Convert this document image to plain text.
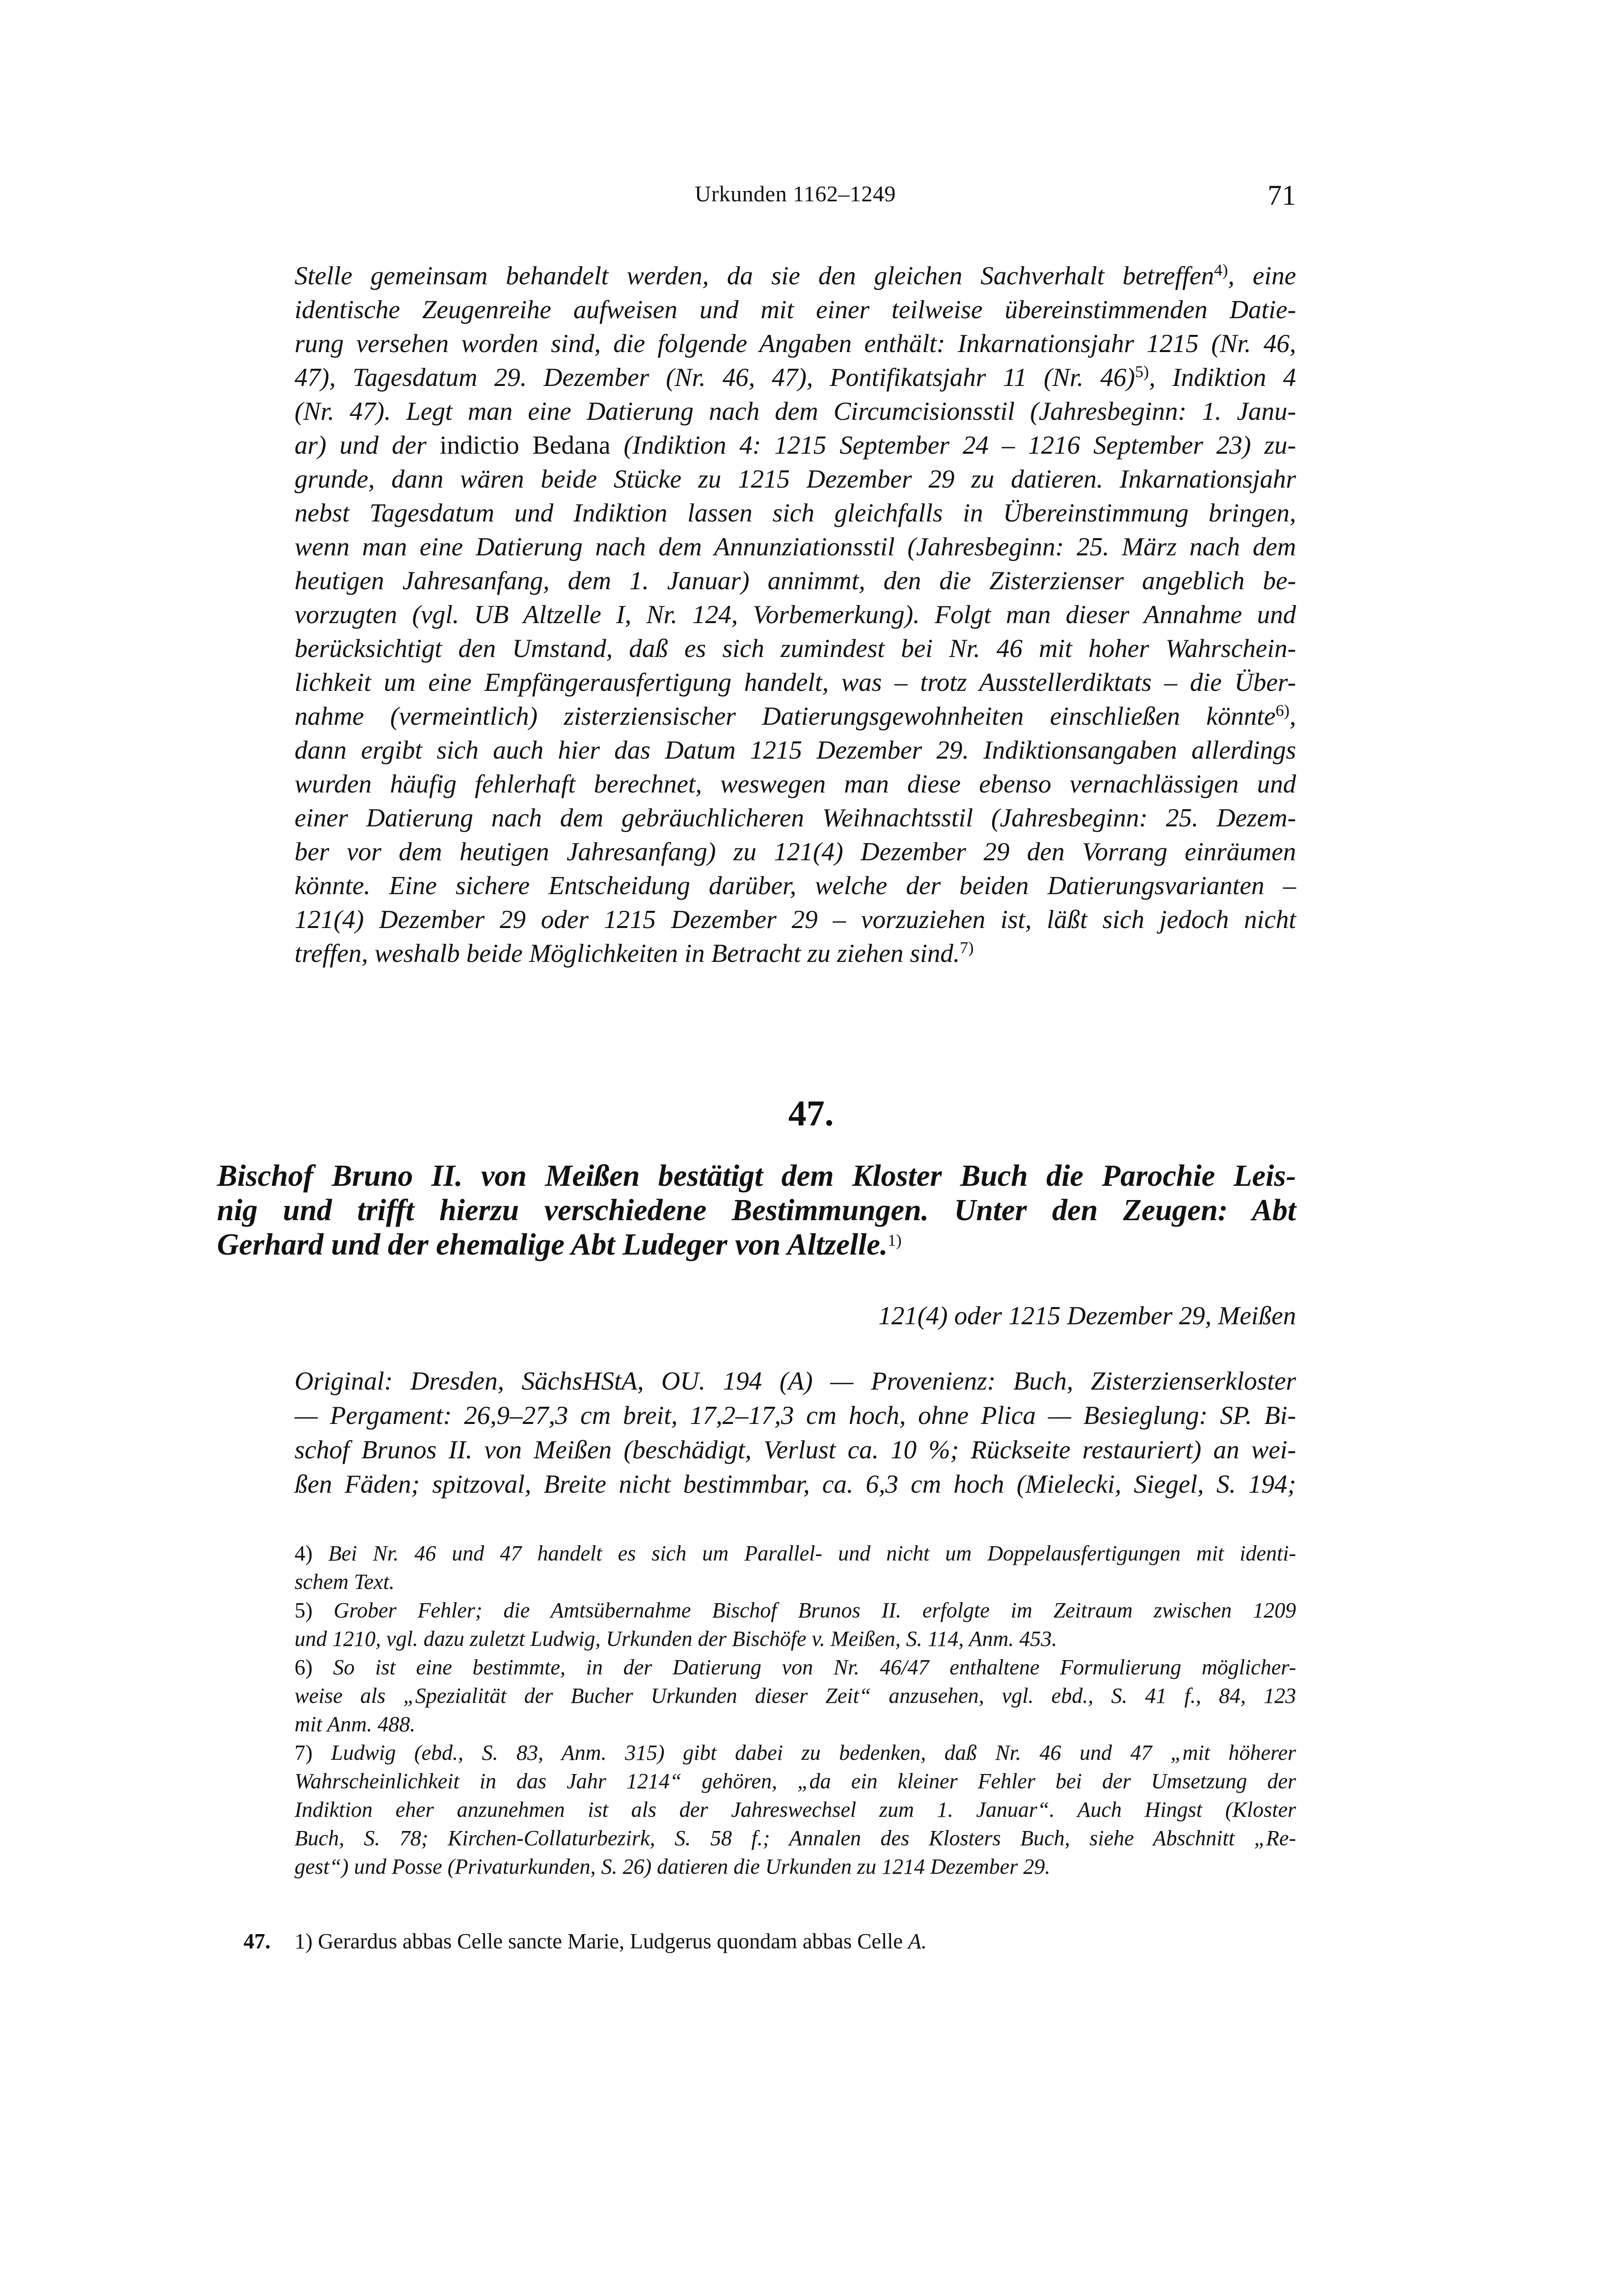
Urkunden 1162–1249	71
Stelle gemeinsam behandelt werden, da sie den gleichen Sachverhalt betreffen$^{4)}$, eine
identische Zeugenreihe aufweisen und mit einer teilweise übereinstimmenden Datie-
rung versehen worden sind, die folgende Angaben enthält: Inkarnationsjahr 1215 (Nr. 46,
47), Tagesdatum 29. Dezember (Nr. 46, 47), Pontifikatsjahr 11 (Nr. 46)$^{5)}$, Indiktion 4
(Nr. 47). Legt man eine Datierung nach dem Circumcisionsstil (Jahresbeginn: 1. Janu-
ar) und der indictio Bedana (Indiktion 4: 1215 September 24 – 1216 September 23) zu-
grunde, dann wären beide Stücke zu 1215 Dezember 29 zu datieren. Inkarnationsjahr
nebst Tagesdatum und Indiktion lassen sich gleichfalls in Übereinstimmung bringen,
wenn man eine Datierung nach dem Annunziationsstil (Jahresbeginn: 25. März nach dem
heutigen Jahresanfang, dem 1. Januar) annimmt, den die Zisterzienser angeblich be-
vorzugten (vgl. UB Altzelle I, Nr. 124, Vorbemerkung). Folgt man dieser Annahme und
berücksichtigt den Umstand, daß es sich zumindest bei Nr. 46 mit hoher Wahrschein-
lichkeit um eine Empfängerausfertigung handelt, was – trotz Ausstellerdiktats – die Über-
nahme (vermeintlich) zisterziensischer Datierungsgewohnheiten einschließen könnte$^{6)}$,
dann ergibt sich auch hier das Datum 1215 Dezember 29. Indiktionsangaben allerdings
wurden häufig fehlerhaft berechnet, weswegen man diese ebenso vernachlässigen und
einer Datierung nach dem gebräuchlicheren Weihnachtsstil (Jahresbeginn: 25. Dezem-
ber vor dem heutigen Jahresanfang) zu 121(4) Dezember 29 den Vorrang einräumen
könnte. Eine sichere Entscheidung darüber, welche der beiden Datierungsvarianten –
121(4) Dezember 29 oder 1215 Dezember 29 – vorzuziehen ist, läßt sich jedoch nicht
treffen, weshalb beide Möglichkeiten in Betracht zu ziehen sind.$^{7)}$
47.
Bischof Bruno II. von Meißen bestätigt dem Kloster Buch die Parochie Leis-
nig und trifft hierzu verschiedene Bestimmungen. Unter den Zeugen: Abt
Gerhard und der ehemalige Abt Ludeger von Altzelle.$^{1)}$
121(4) oder 1215 Dezember 29, Meißen
Original: Dresden, SächsHStA, OU. 194 (A) — Provenienz: Buch, Zisterzienserkloster
— Pergament: 26,9–27,3 cm breit, 17,2–17,3 cm hoch, ohne Plica — Besieglung: SP. Bi-
schof Brunos II. von Meißen (beschädigt, Verlust ca. 10 %; Rückseite restauriert) an wei-
ßen Fäden; spitzoval, Breite nicht bestimmbar, ca. 6,3 cm hoch (Mielecki, Siegel, S. 194;
4) Bei Nr. 46 und 47 handelt es sich um Parallel- und nicht um Doppelausfertigungen mit identi-
schem Text.
5) Grober Fehler; die Amtsübernahme Bischof Brunos II. erfolgte im Zeitraum zwischen 1209
und 1210, vgl. dazu zuletzt Ludwig, Urkunden der Bischöfe v. Meißen, S. 114, Anm. 453.
6) So ist eine bestimmte, in der Datierung von Nr. 46/47 enthaltene Formulierung möglicher-
weise als „Spezialität der Bucher Urkunden dieser Zeit“ anzusehen, vgl. ebd., S. 41 f., 84, 123
mit Anm. 488.
7) Ludwig (ebd., S. 83, Anm. 315) gibt dabei zu bedenken, daß Nr. 46 und 47 „mit höherer
Wahrscheinlichkeit in das Jahr 1214“ gehören, „da ein kleiner Fehler bei der Umsetzung der
Indiktion eher anzunehmen ist als der Jahreswechsel zum 1. Januar“. Auch Hingst (Kloster
Buch, S. 78; Kirchen-Collaturbezirk, S. 58 f.; Annalen des Klosters Buch, siehe Abschnitt „Re-
gest“) und Posse (Privaturkunden, S. 26) datieren die Urkunden zu 1214 Dezember 29.
47. 1) Gerardus abbas Celle sancte Marie, Ludgerus quondam abbas Celle A.
